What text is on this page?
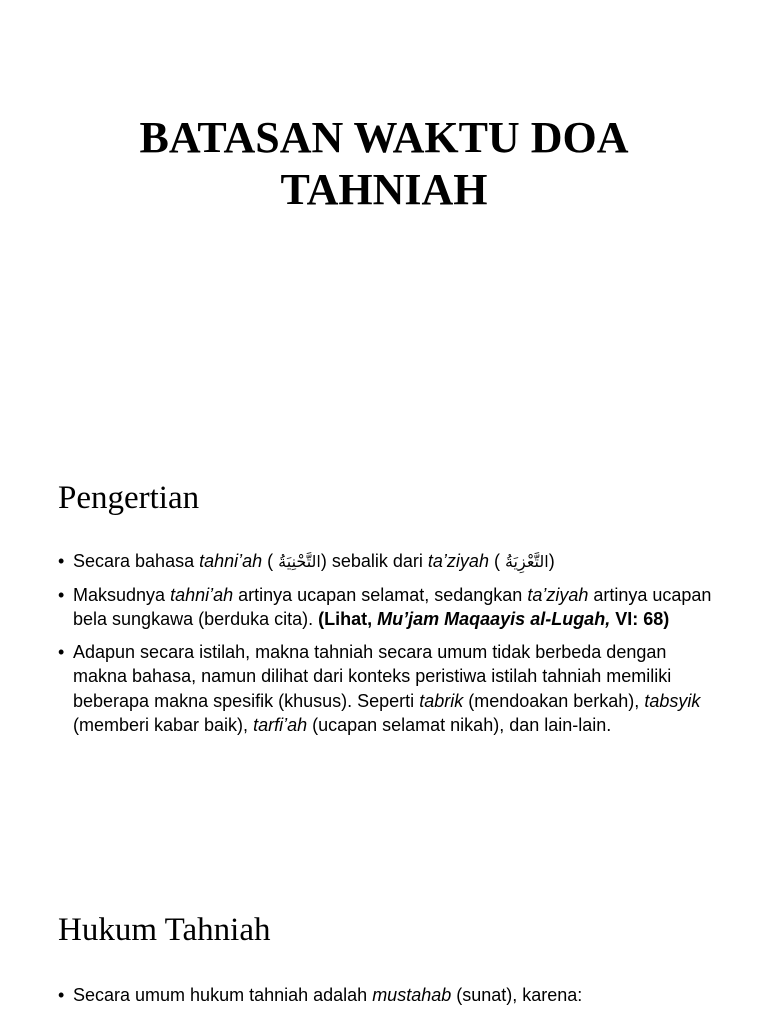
BATASAN WAKTU DOA
TAHNIAH
Pengertian
• Secara bahasa tahni’ah ( التَّحْنِيَةُ) sebalik dari ta’ziyah ( التَّعْزِيَةُ)
• Maksudnya tahni’ah artinya ucapan selamat, sedangkan ta’ziyah artinya ucapan bela sungkawa (berduka cita). (Lihat, Mu’jam Maqaayis al-Lugah, VI: 68)
• Adapun secara istilah, makna tahniah secara umum tidak berbeda dengan makna bahasa, namun dilihat dari konteks peristiwa istilah tahniah memiliki beberapa makna spesifik (khusus). Seperti tabrik (mendoakan berkah), tabsyik (memberi kabar baik), tarfi’ah (ucapan selamat nikah), dan lain-lain.
Hukum Tahniah
• Secara umum hukum tahniah adalah mustahab (sunat), karena:
